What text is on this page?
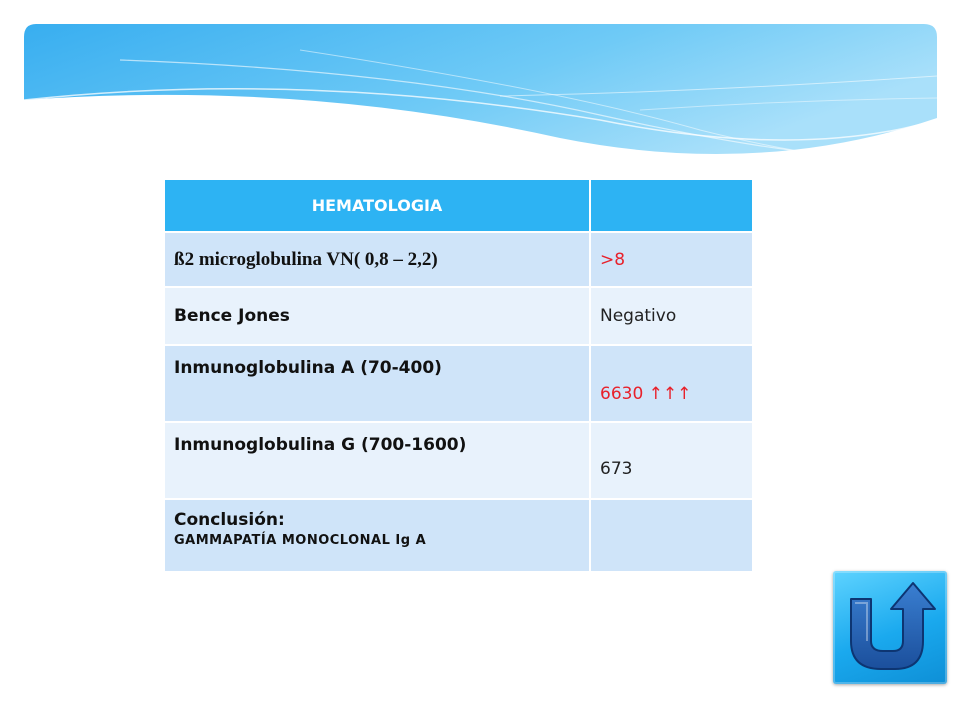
HEMATOLOGIA	
ß2 microglobulina VN( 0,8 – 2,2)	>8
Bence Jones	Negativo
Inmunoglobulina A (70-400)	6630 ↑↑↑
Inmunoglobulina G (700-1600)	673
Conclusión:
GAMMAPATÍA MONOCLONAL Ig A	
